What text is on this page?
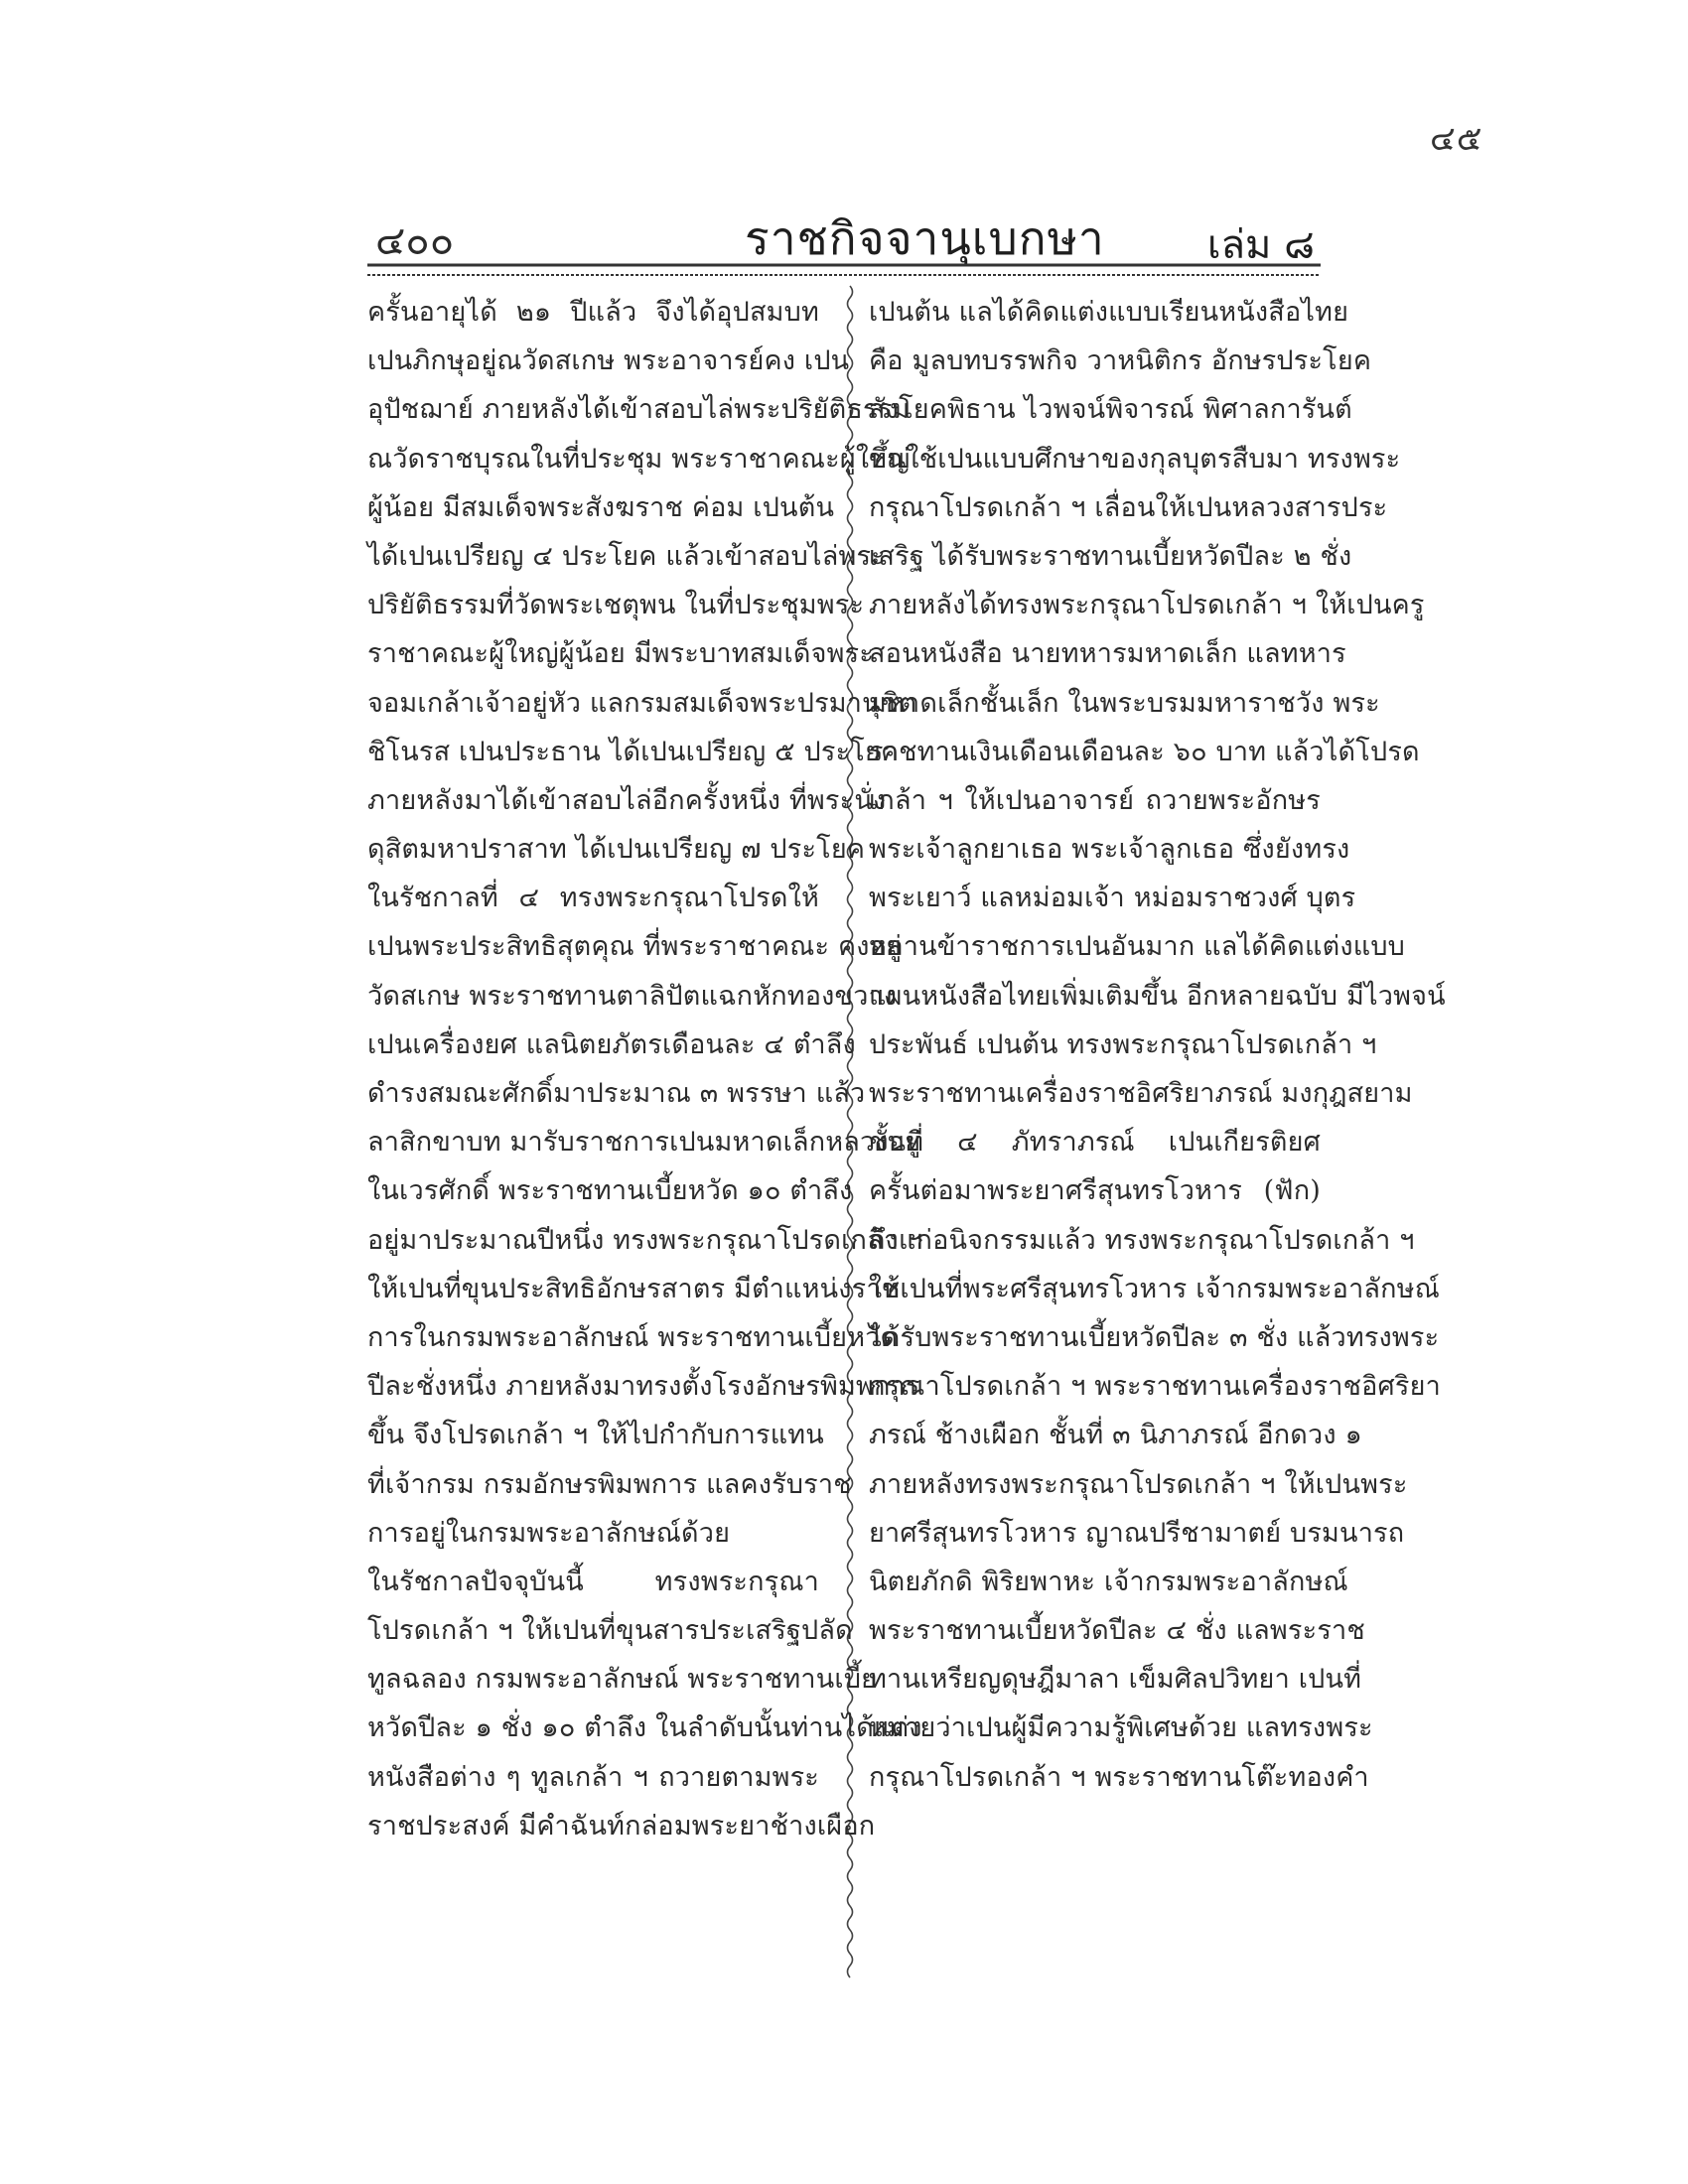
๔๕
๔๐๐	ราชกิจจานุเบกษา	เล่ม ๘
ครั้นอายุได้ ๒๑ ปีแล้ว จึงได้อุปสมบท
เปนภิกษุอยู่ณวัดสเกษ พระอาจารย์คง เปน
อุปัชฌาย์ ภายหลังได้เข้าสอบไล่พระปริยัติธรรม
ณวัดราชบุรณในที่ประชุม พระราชาคณะผู้ใหญ่
ผู้น้อย มีสมเด็จพระสังฆราช ค่อม เปนต้น
ได้เปนเปรียญ ๔ ประโยค แล้วเข้าสอบไล่พระ
ปริยัติธรรมที่วัดพระเชตุพน ในที่ประชุมพระ
ราชาคณะผู้ใหญ่ผู้น้อย มีพระบาทสมเด็จพระ
จอมเกล้าเจ้าอยู่หัว แลกรมสมเด็จพระปรมานุชิต
ชิโนรส เปนประธาน ได้เปนเปรียญ ๕ ประโยค
ภายหลังมาได้เข้าสอบไล่อีกครั้งหนึ่ง ที่พระนั่ง
ดุสิตมหาปราสาท ได้เปนเปรียญ ๗ ประโยค
ในรัชกาลที่ ๔ ทรงพระกรุณาโปรดให้
เปนพระประสิทธิสุตคุณ ที่พระราชาคณะ คงอยู่
วัดสเกษ พระราชทานตาลิปัตแฉกหักทองขวาง
เปนเครื่องยศ แลนิตยภัตรเดือนละ ๔ ตำลึง
ดำรงสมณะศักดิ์มาประมาณ ๓ พรรษา แล้ว
ลาสิกขาบท มารับราชการเปนมหาดเล็กหลวงอยู่
ในเวรศักดิ์ พระราชทานเบี้ยหวัด ๑๐ ตำลึง
อยู่มาประมาณปีหนึ่ง ทรงพระกรุณาโปรดเกล้า ฯ
ให้เปนที่ขุนประสิทธิอักษรสาตร มีตำแหน่งราช
การในกรมพระอาลักษณ์ พระราชทานเบี้ยหวัด
ปีละชั่งหนึ่ง ภายหลังมาทรงตั้งโรงอักษรพิมพการ
ขึ้น จึงโปรดเกล้า ฯ ให้ไปกำกับการแทน
ที่เจ้ากรม กรมอักษรพิมพการ แลคงรับราช
การอยู่ในกรมพระอาลักษณ์ด้วย
ในรัชกาลปัจจุบันนี้ ทรงพระกรุณา
โปรดเกล้า ฯ ให้เปนที่ขุนสารประเสริฐปลัด
ทูลฉลอง กรมพระอาลักษณ์ พระราชทานเบี้ย
หวัดปีละ ๑ ชั่ง ๑๐ ตำลึง ในลำดับนั้นท่านได้แต่ง
หนังสือต่าง ๆ ทูลเกล้า ฯ ถวายตามพระ
ราชประสงค์ มีคำฉันท์กล่อมพระยาช้างเผือก
เปนต้น แลได้คิดแต่งแบบเรียนหนังสือไทย
คือ มูลบทบรรพกิจ วาหนิติกร อักษรประโยค
สังโยคพิธาน ไวพจน์พิจารณ์ พิศาลการันต์
ขึ้นใช้เปนแบบศึกษาของกุลบุตรสืบมา ทรงพระ
กรุณาโปรดเกล้า ฯ เลื่อนให้เปนหลวงสารประ
เสริฐ ได้รับพระราชทานเบี้ยหวัดปีละ ๒ ชั่ง
ภายหลังได้ทรงพระกรุณาโปรดเกล้า ฯ ให้เปนครู
สอนหนังสือ นายทหารมหาดเล็ก แลทหาร
มหาดเล็กชั้นเล็ก ในพระบรมมหาราชวัง พระ
ราชทานเงินเดือนเดือนละ ๖๐ บาท แล้วได้โปรด
เกล้า ฯ ให้เปนอาจารย์ ถวายพระอักษร
พระเจ้าลูกยาเธอ พระเจ้าลูกเธอ ซึ่งยังทรง
พระเยาว์ แลหม่อมเจ้า หม่อมราชวงศ์ บุตร
หลานข้าราชการเปนอันมาก แลได้คิดแต่งแบบ
แผนหนังสือไทยเพิ่มเติมขึ้น อีกหลายฉบับ มีไวพจน์
ประพันธ์ เปนต้น ทรงพระกรุณาโปรดเกล้า ฯ
พระราชทานเครื่องราชอิศริยาภรณ์ มงกุฎสยาม
ชั้นที่ ๔ ภัทราภรณ์ เปนเกียรติยศ
ครั้นต่อมาพระยาศรีสุนทรโวหาร (ฟัก)
ถึงแก่อนิจกรรมแล้ว ทรงพระกรุณาโปรดเกล้า ฯ
ให้เปนที่พระศรีสุนทรโวหาร เจ้ากรมพระอาลักษณ์
ได้รับพระราชทานเบี้ยหวัดปีละ ๓ ชั่ง แล้วทรงพระ
กรุณาโปรดเกล้า ฯ พระราชทานเครื่องราชอิศริยา
ภรณ์ ช้างเผือก ชั้นที่ ๓ นิภาภรณ์ อีกดวง ๑
ภายหลังทรงพระกรุณาโปรดเกล้า ฯ ให้เปนพระ
ยาศรีสุนทรโวหาร ญาณปรีชามาตย์ บรมนารถ
นิตยภักดิ พิริยพาหะ เจ้ากรมพระอาลักษณ์
พระราชทานเบี้ยหวัดปีละ ๔ ชั่ง แลพระราช
ทานเหรียญดุษฎีมาลา เข็มศิลปวิทยา เปนที่
หมายว่าเปนผู้มีความรู้พิเศษด้วย แลทรงพระ
กรุณาโปรดเกล้า ฯ พระราชทานโต๊ะทองคำ
